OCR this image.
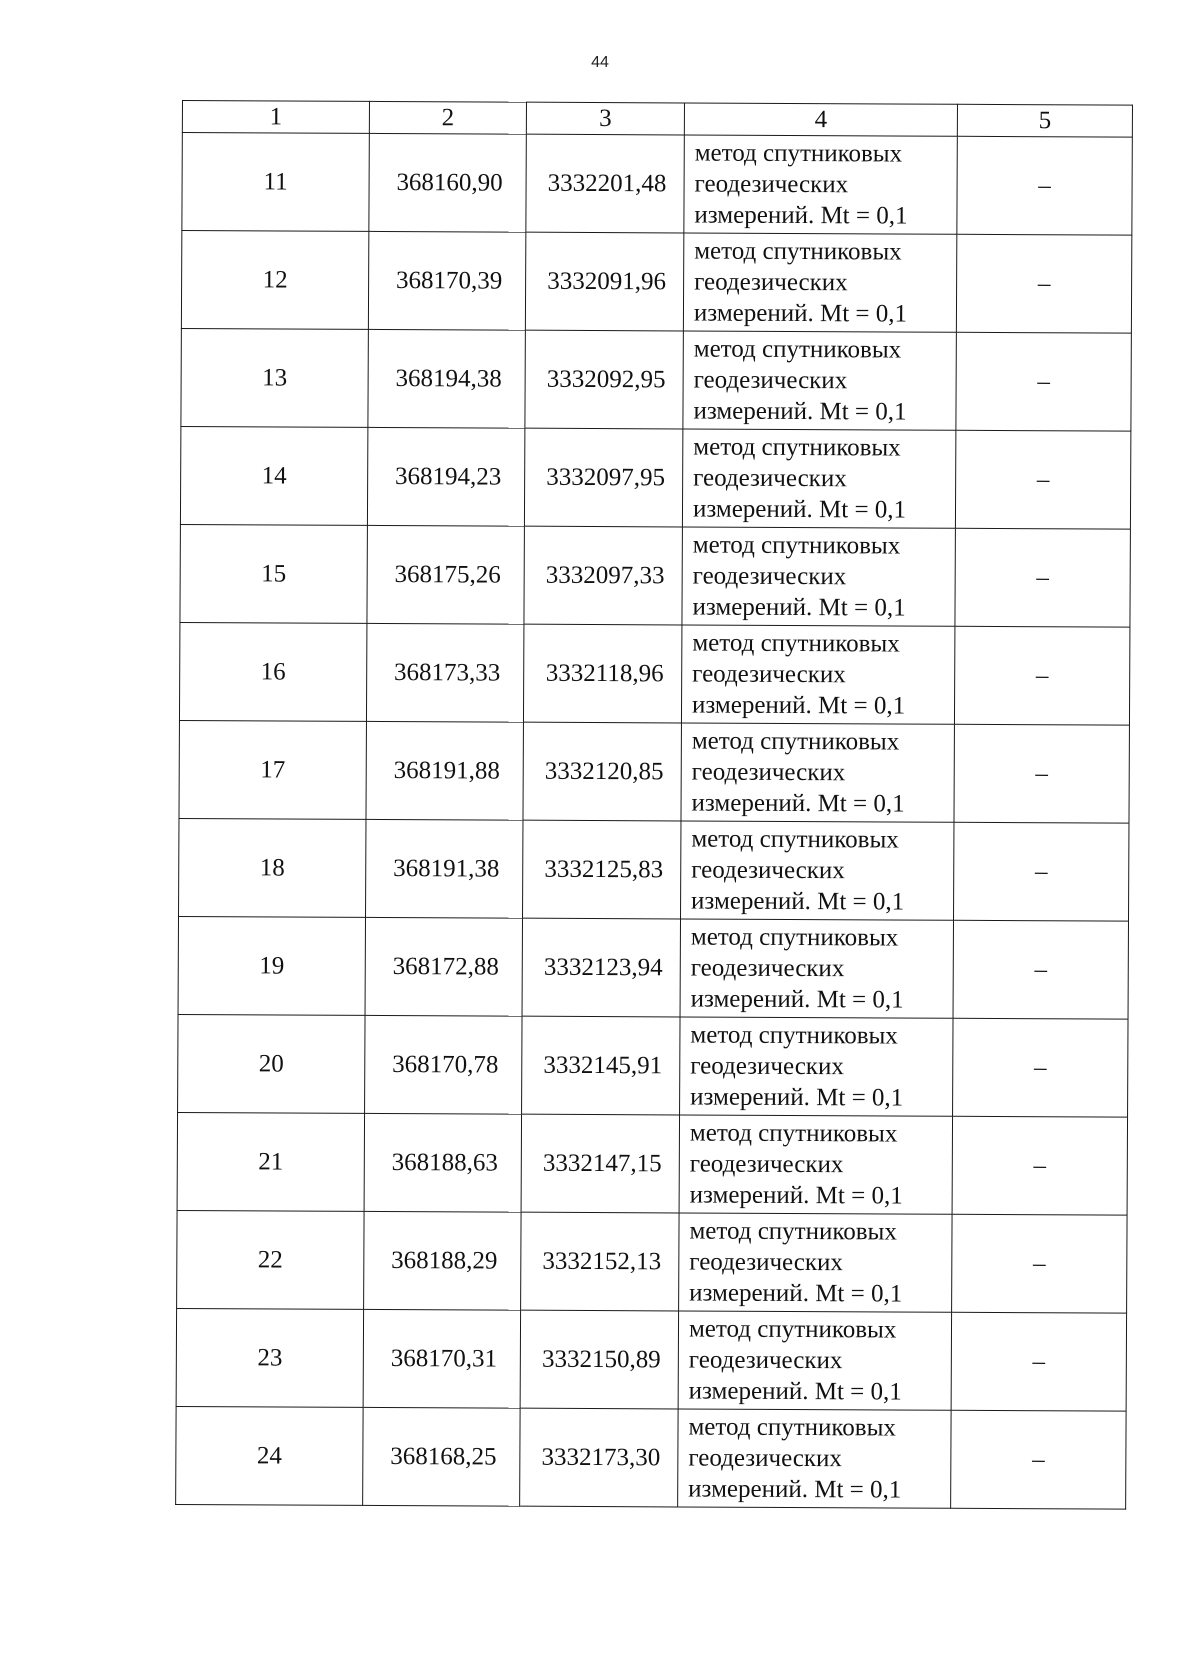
44
1	2	3	4	5
11	368160,90	3332201,48	метод спутниковых
геодезических
измерений. Mt = 0,1	–
12	368170,39	3332091,96	метод спутниковых
геодезических
измерений. Mt = 0,1	–
13	368194,38	3332092,95	метод спутниковых
геодезических
измерений. Mt = 0,1	–
14	368194,23	3332097,95	метод спутниковых
геодезических
измерений. Mt = 0,1	–
15	368175,26	3332097,33	метод спутниковых
геодезических
измерений. Mt = 0,1	–
16	368173,33	3332118,96	метод спутниковых
геодезических
измерений. Mt = 0,1	–
17	368191,88	3332120,85	метод спутниковых
геодезических
измерений. Mt = 0,1	–
18	368191,38	3332125,83	метод спутниковых
геодезических
измерений. Mt = 0,1	–
19	368172,88	3332123,94	метод спутниковых
геодезических
измерений. Mt = 0,1	–
20	368170,78	3332145,91	метод спутниковых
геодезических
измерений. Mt = 0,1	–
21	368188,63	3332147,15	метод спутниковых
геодезических
измерений. Mt = 0,1	–
22	368188,29	3332152,13	метод спутниковых
геодезических
измерений. Mt = 0,1	–
23	368170,31	3332150,89	метод спутниковых
геодезических
измерений. Mt = 0,1	–
24	368168,25	3332173,30	метод спутниковых
геодезических
измерений. Mt = 0,1	–
